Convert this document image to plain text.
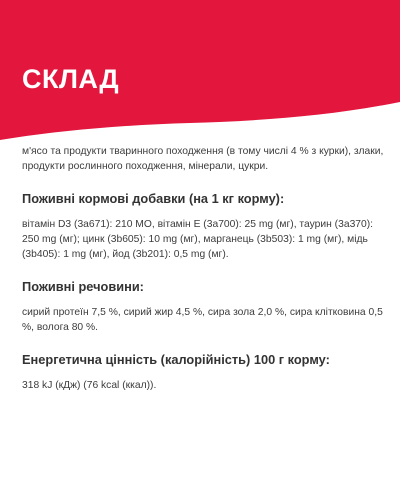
СКЛАД

м'ясо та продукти тваринного походження (в тому числі 4 % з курки), злаки, продукти рослинного походження, мінерали, цукри.

Поживні кормові добавки (на 1 кг корму):

вітамін D3 (3а671): 210 МО, вітамін Е (3а700): 25 mg (мг), таурин (3а370): 250 mg (мг); цинк (3b605): 10 mg (мг), марганець (3b503): 1 mg (мг), мідь (3b405): 1 mg (мг), йод (3b201): 0,5 mg (мг).

Поживні речовини:

сирий протеїн 7,5 %, сирий жир 4,5 %, сира зола 2,0 %, сира клітковина 0,5 %, волога 80 %.

Енергетична цінність (калорійність) 100 г корму:

318 kJ (кДж) (76 kcal (ккал)).
